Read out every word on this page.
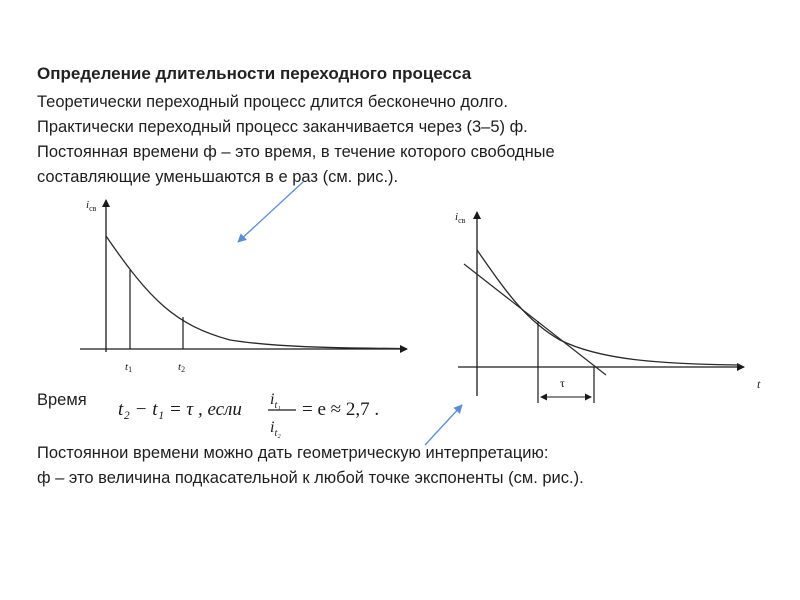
Определение длительности переходного процесса
Теоретически переходный процесс длится бесконечно долго.
Практически переходный процесс заканчивается через (3–5) ф.
Постоянная времени ф – это время, в течение которого свободные
составляющие уменьшаются в е раз (см. рис.).
Время
Постояннои времени можно дать геометрическую интерпретацию:
ф – это величина подкасательной к любой точке экспоненты (см. рис.).
$i_{св}$
t1	t2
τ
$i_{св}$
t
t₂ − t₁ = τ , если $i_{t_1}$
$i_{t_2}$
= e ≈ 2,7 .
